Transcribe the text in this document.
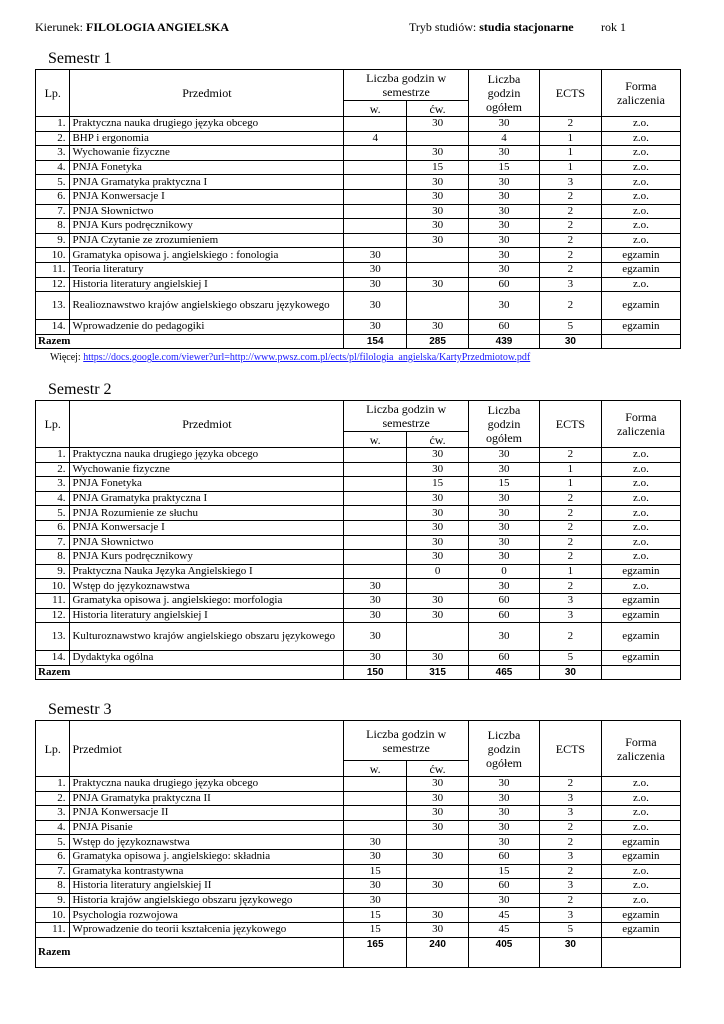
Kierunek: FILOLOGIA ANGIELSKA	Tryb studiów: studia stacjonarne rok 1
Semestr 1
Lp.	Przedmiot	Liczba godzin w semestrze		Liczba godzin ogółem	ECTS	Forma zaliczenia
		w.	ćw.			
1.	Praktyczna nauka drugiego języka obcego		30	30	2	z.o.
2.	BHP i ergonomia	4		4	1	z.o.
3.	Wychowanie fizyczne		30	30	1	z.o.
4.	PNJA Fonetyka		15	15	1	z.o.
5.	PNJA Gramatyka praktyczna I		30	30	3	z.o.
6.	PNJA Konwersacje I		30	30	2	z.o.
7.	PNJA Słownictwo		30	30	2	z.o.
8.	PNJA Kurs podręcznikowy		30	30	2	z.o.
9.	PNJA Czytanie ze zrozumieniem		30	30	2	z.o.
10.	Gramatyka opisowa j. angielskiego : fonologia	30		30	2	egzamin
11.	Teoria literatury	30		30	2	egzamin
12.	Historia literatury angielskiej I	30	30	60	3	z.o.
13.	Realioznawstwo krajów angielskiego obszaru językowego	30		30	2	egzamin
14.	Wprowadzenie do pedagogiki	30	30	60	5	egzamin
Razem		154	285	439	30	
Więcej: https://docs.google.com/viewer?url=http://www.pwsz.com.pl/ects/pl/filologia_angielska/KartyPrzedmiotow.pdf
Semestr 2
Lp.	Przedmiot	Liczba godzin w semestrze		Liczba godzin ogółem	ECTS	Forma zaliczenia
		w.	ćw.			
1.	Praktyczna nauka drugiego języka obcego		30	30	2	z.o.
2.	Wychowanie fizyczne		30	30	1	z.o.
3.	PNJA Fonetyka		15	15	1	z.o.
4.	PNJA Gramatyka praktyczna I		30	30	2	z.o.
5.	PNJA Rozumienie ze słuchu		30	30	2	z.o.
6.	PNJA Konwersacje I		30	30	2	z.o.
7.	PNJA Słownictwo		30	30	2	z.o.
8.	PNJA Kurs podręcznikowy		30	30	2	z.o.
9.	Praktyczna Nauka Języka Angielskiego I		0	0	1	egzamin
10.	Wstęp do językoznawstwa	30		30	2	z.o.
11.	Gramatyka opisowa j. angielskiego: morfologia	30	30	60	3	egzamin
12.	Historia literatury angielskiej I	30	30	60	3	egzamin
13.	Kulturoznawstwo krajów angielskiego obszaru językowego	30		30	2	egzamin
14.	Dydaktyka ogólna	30	30	60	5	egzamin
Razem		150	315	465	30	
Semestr 3
Lp.	Przedmiot	Liczba godzin w semestrze		Liczba godzin ogółem	ECTS	Forma zaliczenia
		w.	ćw.			
1.	Praktyczna nauka drugiego języka obcego		30	30	2	z.o.
2.	PNJA Gramatyka praktyczna II		30	30	3	z.o.
3.	PNJA Konwersacje II		30	30	3	z.o.
4.	PNJA Pisanie		30	30	2	z.o.
5.	Wstęp do językoznawstwa	30		30	2	egzamin
6.	Gramatyka opisowa j. angielskiego: składnia	30	30	60	3	egzamin
7.	Gramatyka kontrastywna	15		15	2	z.o.
8.	Historia literatury angielskiej II	30	30	60	3	z.o.
9.	Historia krajów angielskiego obszaru językowego	30		30	2	z.o.
10.	Psychologia rozwojowa	15	30	45	3	egzamin
11.	Wprowadzenie do teorii kształcenia językowego	15	30	45	5	egzamin
Razem		165	240	405	30	
